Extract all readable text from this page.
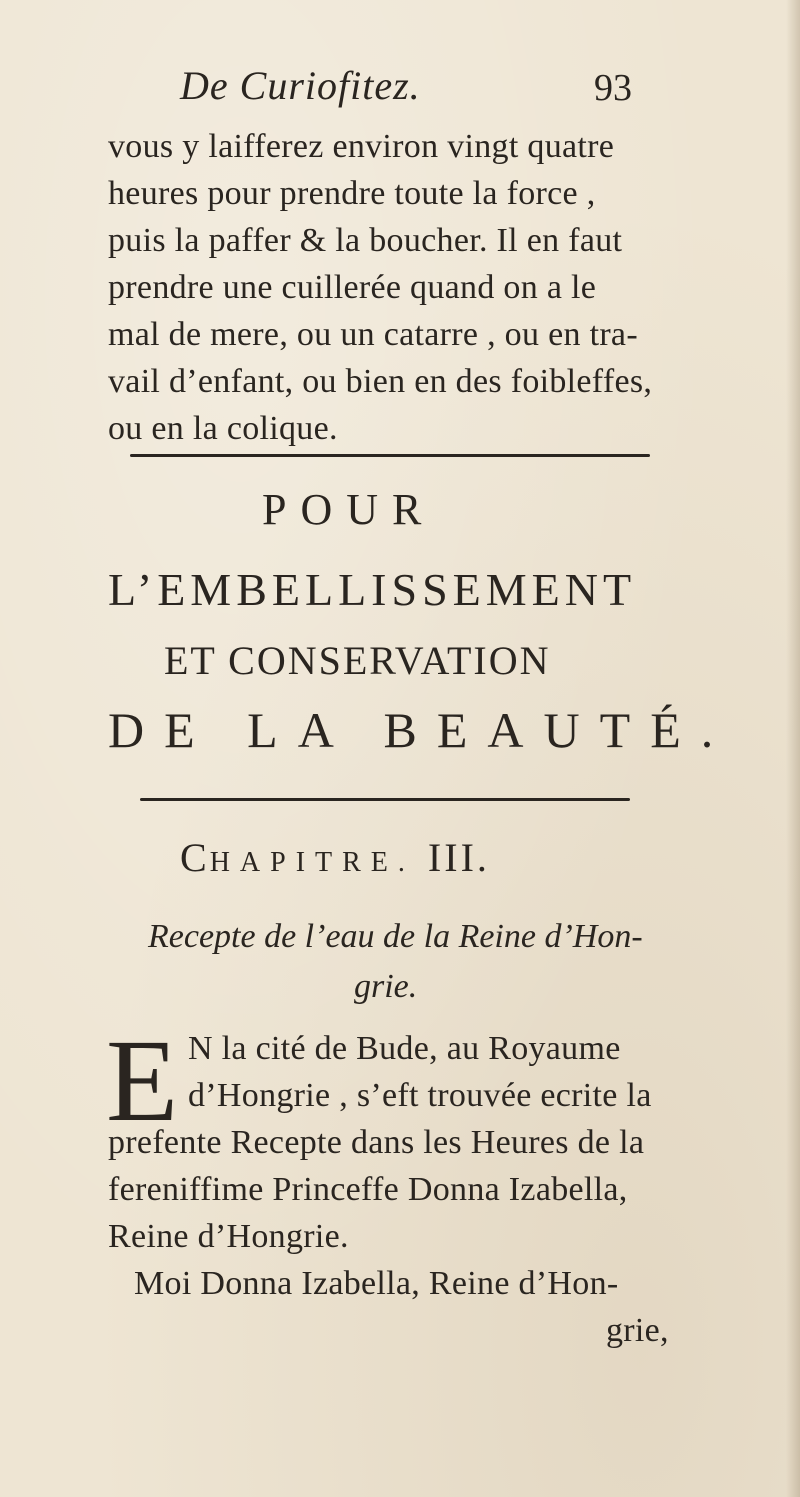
De Curiofitez.	93
vous y laifferez environ vingt quatre
heures pour prendre toute la force ,
puis la paffer & la boucher. Il en faut
prendre une cuillerée quand on a le
mal de mere, ou un catarre , ou en tra-
vail d’enfant, ou bien en des foibleffes,
ou en la colique.
POUR
L’EMBELLISSEMENT
ET CONSERVATION
DE LA BEAUTÉ.
CHAPITRE. III.
Recepte de l’eau de la Reine d’Hon-
grie.
E N la cité de Bude, au Royaume
d’Hongrie , s’eft trouvée ecrite la
prefente Recepte dans les Heures de la
fereniffime Princeffe Donna Izabella,
Reine d’Hongrie.
Moi Donna Izabella, Reine d’Hon-
grie,
